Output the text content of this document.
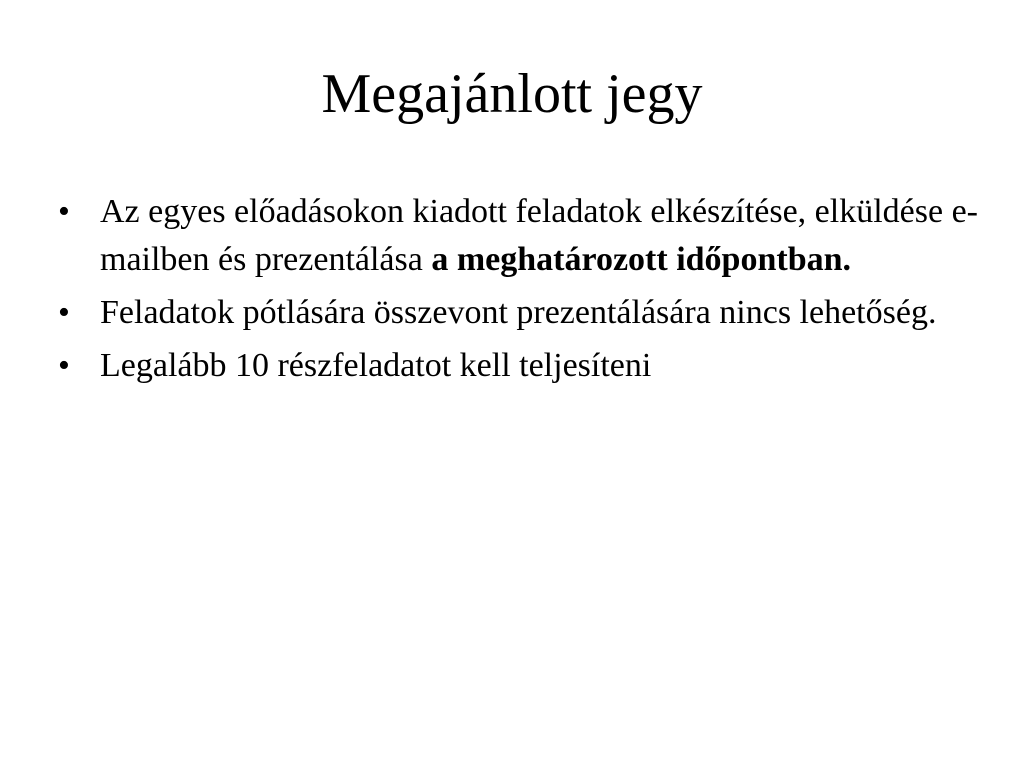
Megajánlott jegy
• Az egyes előadásokon kiadott feladatok elkészítése, elküldése e-mailben és prezentálása a meghatározott időpontban.
• Feladatok pótlására összevont prezentálására nincs lehetőség.
• Legalább 10 részfeladatot kell teljesíteni
